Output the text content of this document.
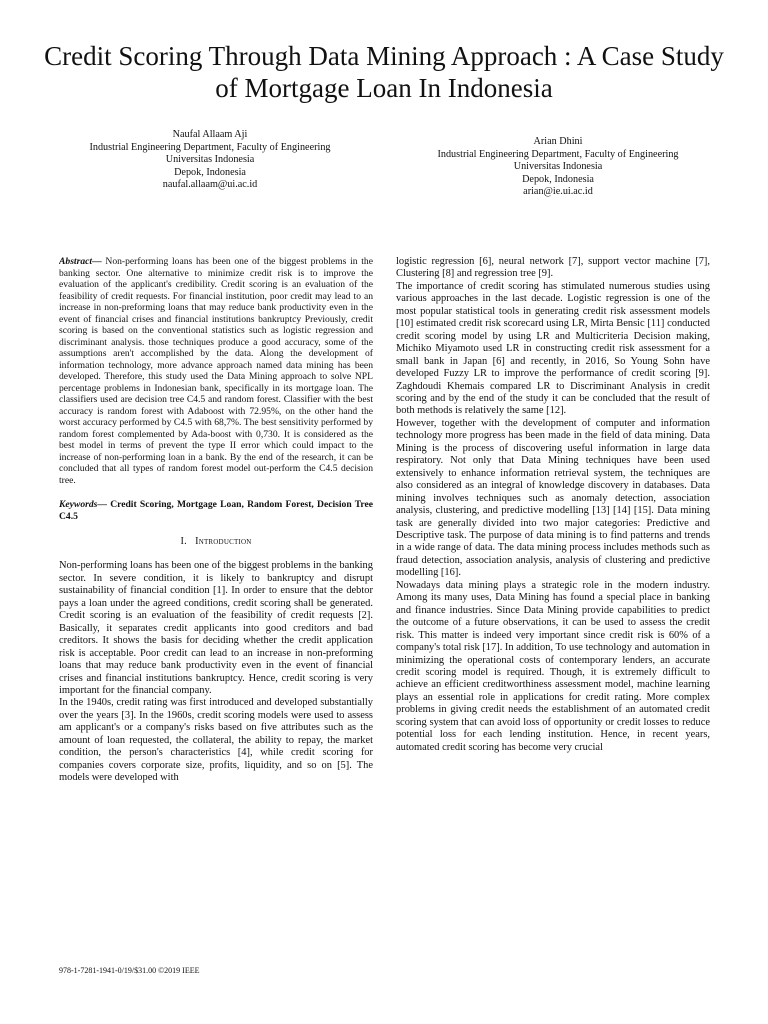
Credit Scoring Through Data Mining Approach : A Case Study of Mortgage Loan In Indonesia
Naufal Allaam Aji
Industrial Engineering Department, Faculty of Engineering
Universitas Indonesia
Depok, Indonesia
naufal.allaam@ui.ac.id
Arian Dhini
Industrial Engineering Department, Faculty of Engineering
Universitas Indonesia
Depok, Indonesia
arian@ie.ui.ac.id

Abstract— Non-performing loans has been one of the biggest problems in the banking sector. One alternative to minimize credit risk is to improve the evaluation of the applicant's credibility. Credit scoring is an evaluation of the feasibility of credit requests. For financial institution, poor credit may lead to an increase in non-preforming loans that may reduce bank productivity even in the event of financial crises and financial institutions bankruptcy Previously, credit scoring is based on the conventional statistics such as logistic regression and discriminant analysis. those techniques produce a good accuracy, some of the assumptions aren't accomplished by the data. Along the development of information technology, more advance approach named data mining has been developed. Therefore, this study used the Data Mining approach to solve NPL percentage problems in Indonesian bank, specifically in its mortgage loan. The classifiers used are decision tree C4.5 and random forest. Classifier with the best accuracy is random forest with Adaboost with 72.95%, on the other hand the worst accuracy performed by C4.5 with 68,7%. The best sensitivity performed by random forest complemented by Ada-boost with 0,730. It is considered as the best model in terms of prevent the type II error which could impact to the increase of non-performing loan in a bank. By the end of the research, it can be concluded that all types of random forest model out-perform the C4.5 decision tree.

Keywords— Credit Scoring, Mortgage Loan, Random Forest, Decision Tree C4.5

I. Introduction

Non-performing loans has been one of the biggest problems in the banking sector. In severe condition, it is likely to bankruptcy and disrupt sustainability of financial condition [1]. In order to ensure that the debtor pays a loan under the agreed conditions, credit scoring shall be generated. Credit scoring is an evaluation of the feasibility of credit requests [2]. Basically, it separates credit applicants into good creditors and bad creditors. It shows the basis for deciding whether the credit application risk is acceptable. Poor credit can lead to an increase in non-preforming loans that may reduce bank productivity even in the event of financial crises and financial institutions bankruptcy. Hence, credit scoring is very important for the financial company.

In the 1940s, credit rating was first introduced and developed substantially over the years [3]. In the 1960s, credit scoring models were used to assess am applicant's or a company's risks based on five attributes such as the amount of loan requested, the collateral, the ability to repay, the market condition, the person's characteristics [4], while credit scoring for companies covers corporate size, profits, liquidity, and so on [5]. The models were developed with

logistic regression [6], neural network [7], support vector machine [7], Clustering [8] and regression tree [9].

The importance of credit scoring has stimulated numerous studies using various approaches in the last decade. Logistic regression is one of the most popular statistical tools in generating credit risk assessment models [10] estimated credit risk scorecard using LR, Mirta Bensic [11] conducted credit scoring model by using LR and Multicriteria Decision making, Michiko Miyamoto used LR in constructing credit risk assessment for a small bank in Japan [6] and recently, in 2016, So Young Sohn have developed Fuzzy LR to improve the performance of credit scoring [9]. Zaghdoudi Khemais compared LR to Discriminant Analysis in credit scoring and by the end of the study it can be concluded that the result of both methods is relatively the same [12].

However, together with the development of computer and information technology more progress has been made in the field of data mining. Data Mining is the process of discovering useful information in large data respiratory. Not only that Data Mining techniques have been used extensively to enhance information retrieval system, the techniques are also considered as an integral of knowledge discovery in databases. Data mining involves techniques such as anomaly detection, association analysis, clustering, and predictive modelling [13] [14] [15]. Data mining task are generally divided into two major categories: Predictive and Descriptive task. The purpose of data mining is to find patterns and trends in a wide range of data. The data mining process includes methods such as fraud detection, association analysis, analysis of clustering and predictive modelling [16].

Nowadays data mining plays a strategic role in the modern industry. Among its many uses, Data Mining has found a special place in banking and finance industries. Since Data Mining provide capabilities to predict the outcome of a future observations, it can be used to assess the credit risk. This matter is indeed very important since credit risk is 60% of a company's total risk [17]. In addition, To use technology and automation in minimizing the operational costs of contemporary lenders, an accurate credit scoring model is required. Though, it is extremely difficult to achieve an efficient creditworthiness assessment model, machine learning plays an essential role in applications for credit rating. More complex problems in giving credit needs the establishment of an automated credit scoring system that can avoid loss of opportunity or credit losses to reduce potential loss for each lending institution. Hence, in recent years, automated credit scoring has become very crucial

978-1-7281-1941-0/19/$31.00 ©2019 IEEE
